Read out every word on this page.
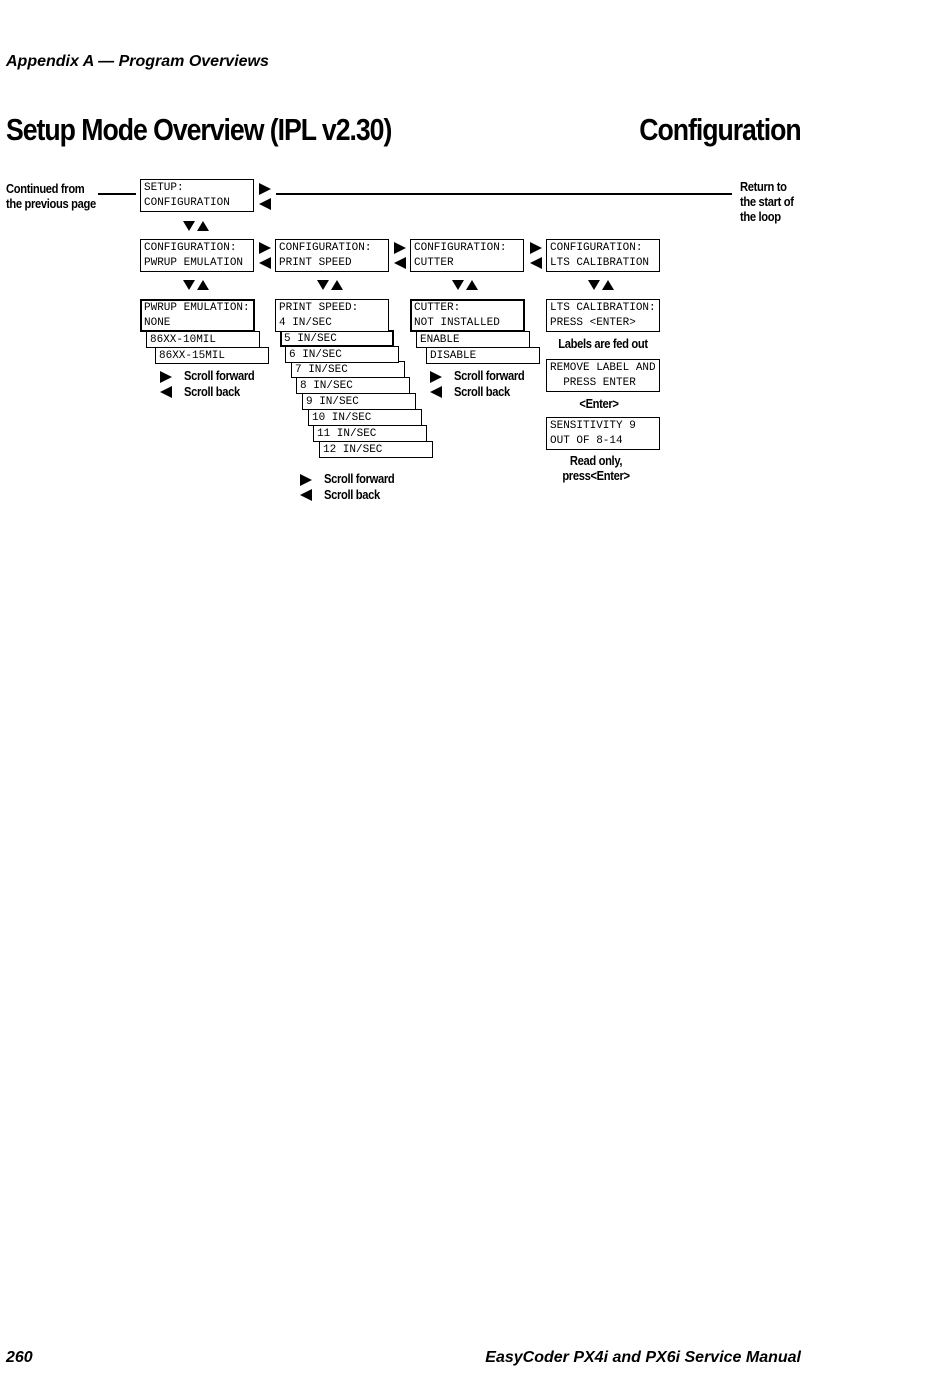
Appendix A — Program Overviews
Setup Mode Overview (IPL v2.30)	Configuration
Continued from
the previous page
Return to
the start of
the loop
SETUP:
CONFIGURATION
CONFIGURATION:
PWRUP EMULATION
CONFIGURATION:
PRINT SPEED
CONFIGURATION:
CUTTER
CONFIGURATION:
LTS CALIBRATION
86XX-15MIL
86XX-10MIL
PWRUP EMULATION:
NONE
12 IN/SEC
11 IN/SEC
10 IN/SEC
9 IN/SEC
8 IN/SEC
7 IN/SEC
6 IN/SEC
5 IN/SEC
PRINT SPEED:
4 IN/SEC
DISABLE
ENABLE
CUTTER:
NOT INSTALLED
LTS CALIBRATION:
PRESS <ENTER>
Labels are fed out
REMOVE LABEL AND
PRESS ENTER
<Enter>
SENSITIVITY 9
OUT OF 8-14
Read only,
press<Enter>
Scroll forward
Scroll back
Scroll forward
Scroll back
Scroll forward
Scroll back
260	EasyCoder PX4i and PX6i Service Manual
